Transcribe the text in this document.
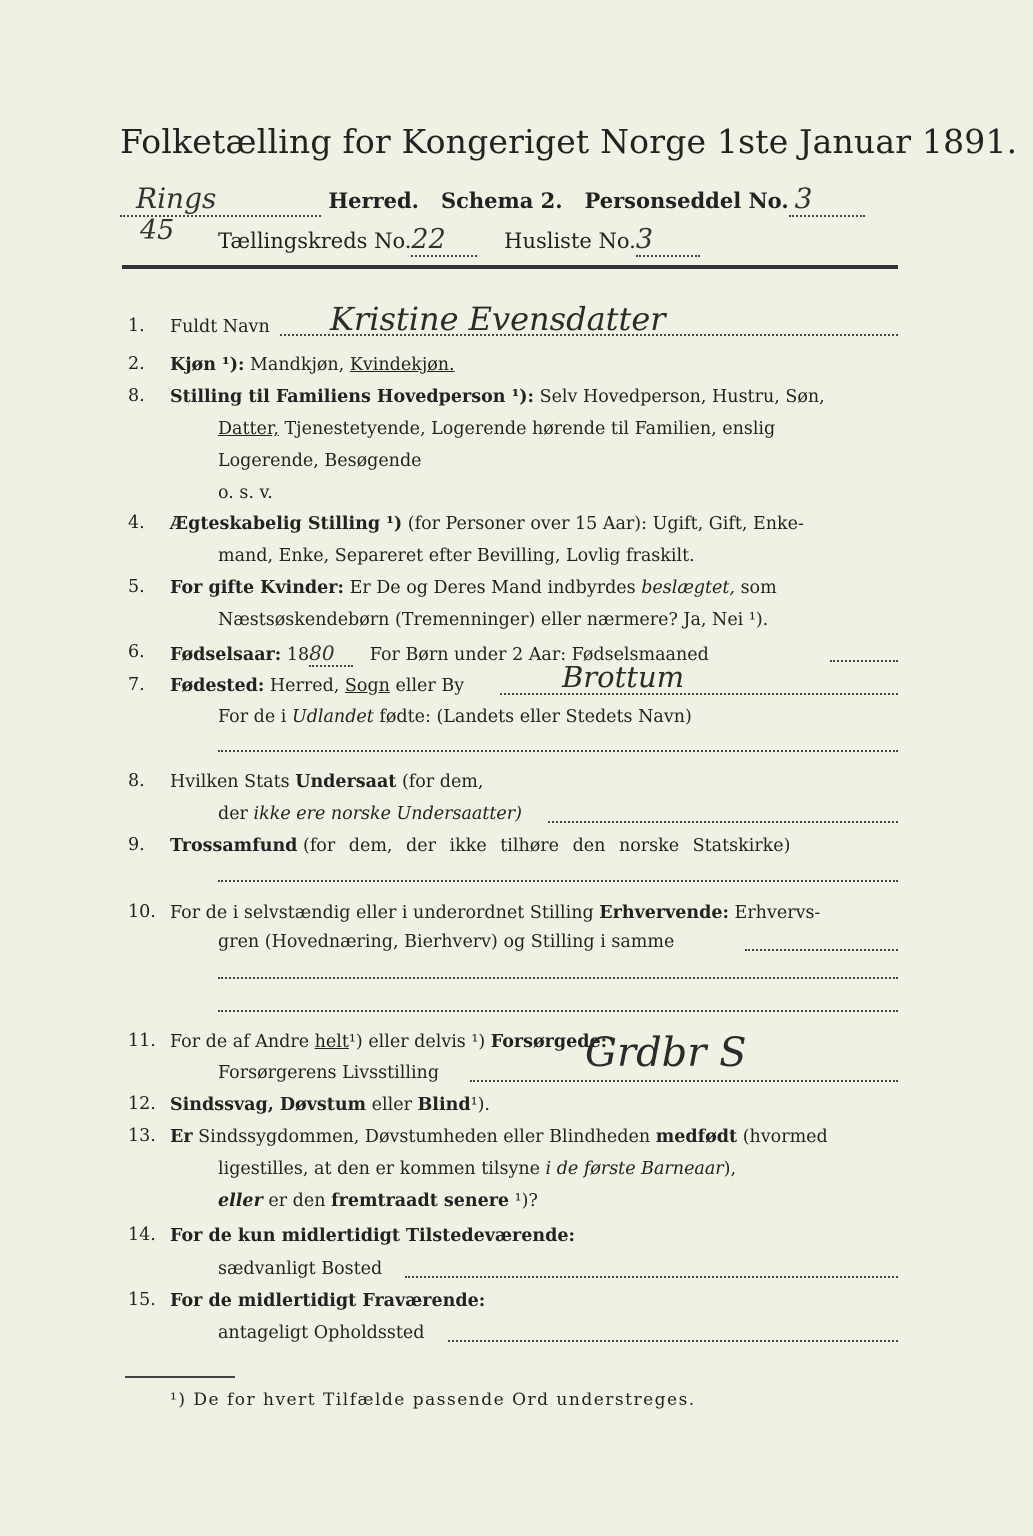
Folketælling for Kongeriget Norge 1ste Januar 1891.
Rings	Herred. Schema 2. Personseddel No. 3
45 Tællingskreds No.22	Husliste No.3
1. Fuldt Navn Kristine Evensdatter
2. Kjøn ¹): Mandkjøn, Kvindekjøn.
8. Stilling til Familiens Hovedperson ¹): Selv Hovedperson, Hustru, Søn,
Datter, Tjenestetyende, Logerende hørende til Familien, enslig
Logerende, Besøgende
o. s. v.
4. Ægteskabelig Stilling ¹) (for Personer over 15 Aar): Ugift, Gift, Enke-
mand, Enke, Separeret efter Bevilling, Lovlig fraskilt.
5. For gifte Kvinder: Er De og Deres Mand indbyrdes beslægtet, som
Næstsøskendebørn (Tremenninger) eller nærmere? Ja, Nei ¹).
6. Fødselsaar: 1880 For Børn under 2 Aar: Fødselsmaaned
7. Fødested: Herred, Sogn eller By	Brottum
For de i Udlandet fødte: (Landets eller Stedets Navn)
8. Hvilken Stats Undersaat (for dem,
der ikke ere norske Undersaatter)
9. Trossamfund (for dem, der ikke tilhøre den norske Statskirke)
10. For de i selvstændig eller i underordnet Stilling Erhvervende: Erhvervs-
gren (Hovednæring, Bierhverv) og Stilling i samme
11. For de af Andre helt¹) eller delvis ¹) Forsørgede:
Forsørgerens Livsstilling	Grdbr S
12. Sindssvag, Døvstum eller Blind¹).
13. Er Sindssygdommen, Døvstumheden eller Blindheden medfødt (hvormed
ligestilles, at den er kommen tilsyne i de første Barneaar),
eller er den fremtraadt senere ¹)?
14. For de kun midlertidigt Tilstedeværende:
sædvanligt Bosted
15. For de midlertidigt Fraværende:
antageligt Opholdssted
¹) De for hvert Tilfælde passende Ord understreges.
